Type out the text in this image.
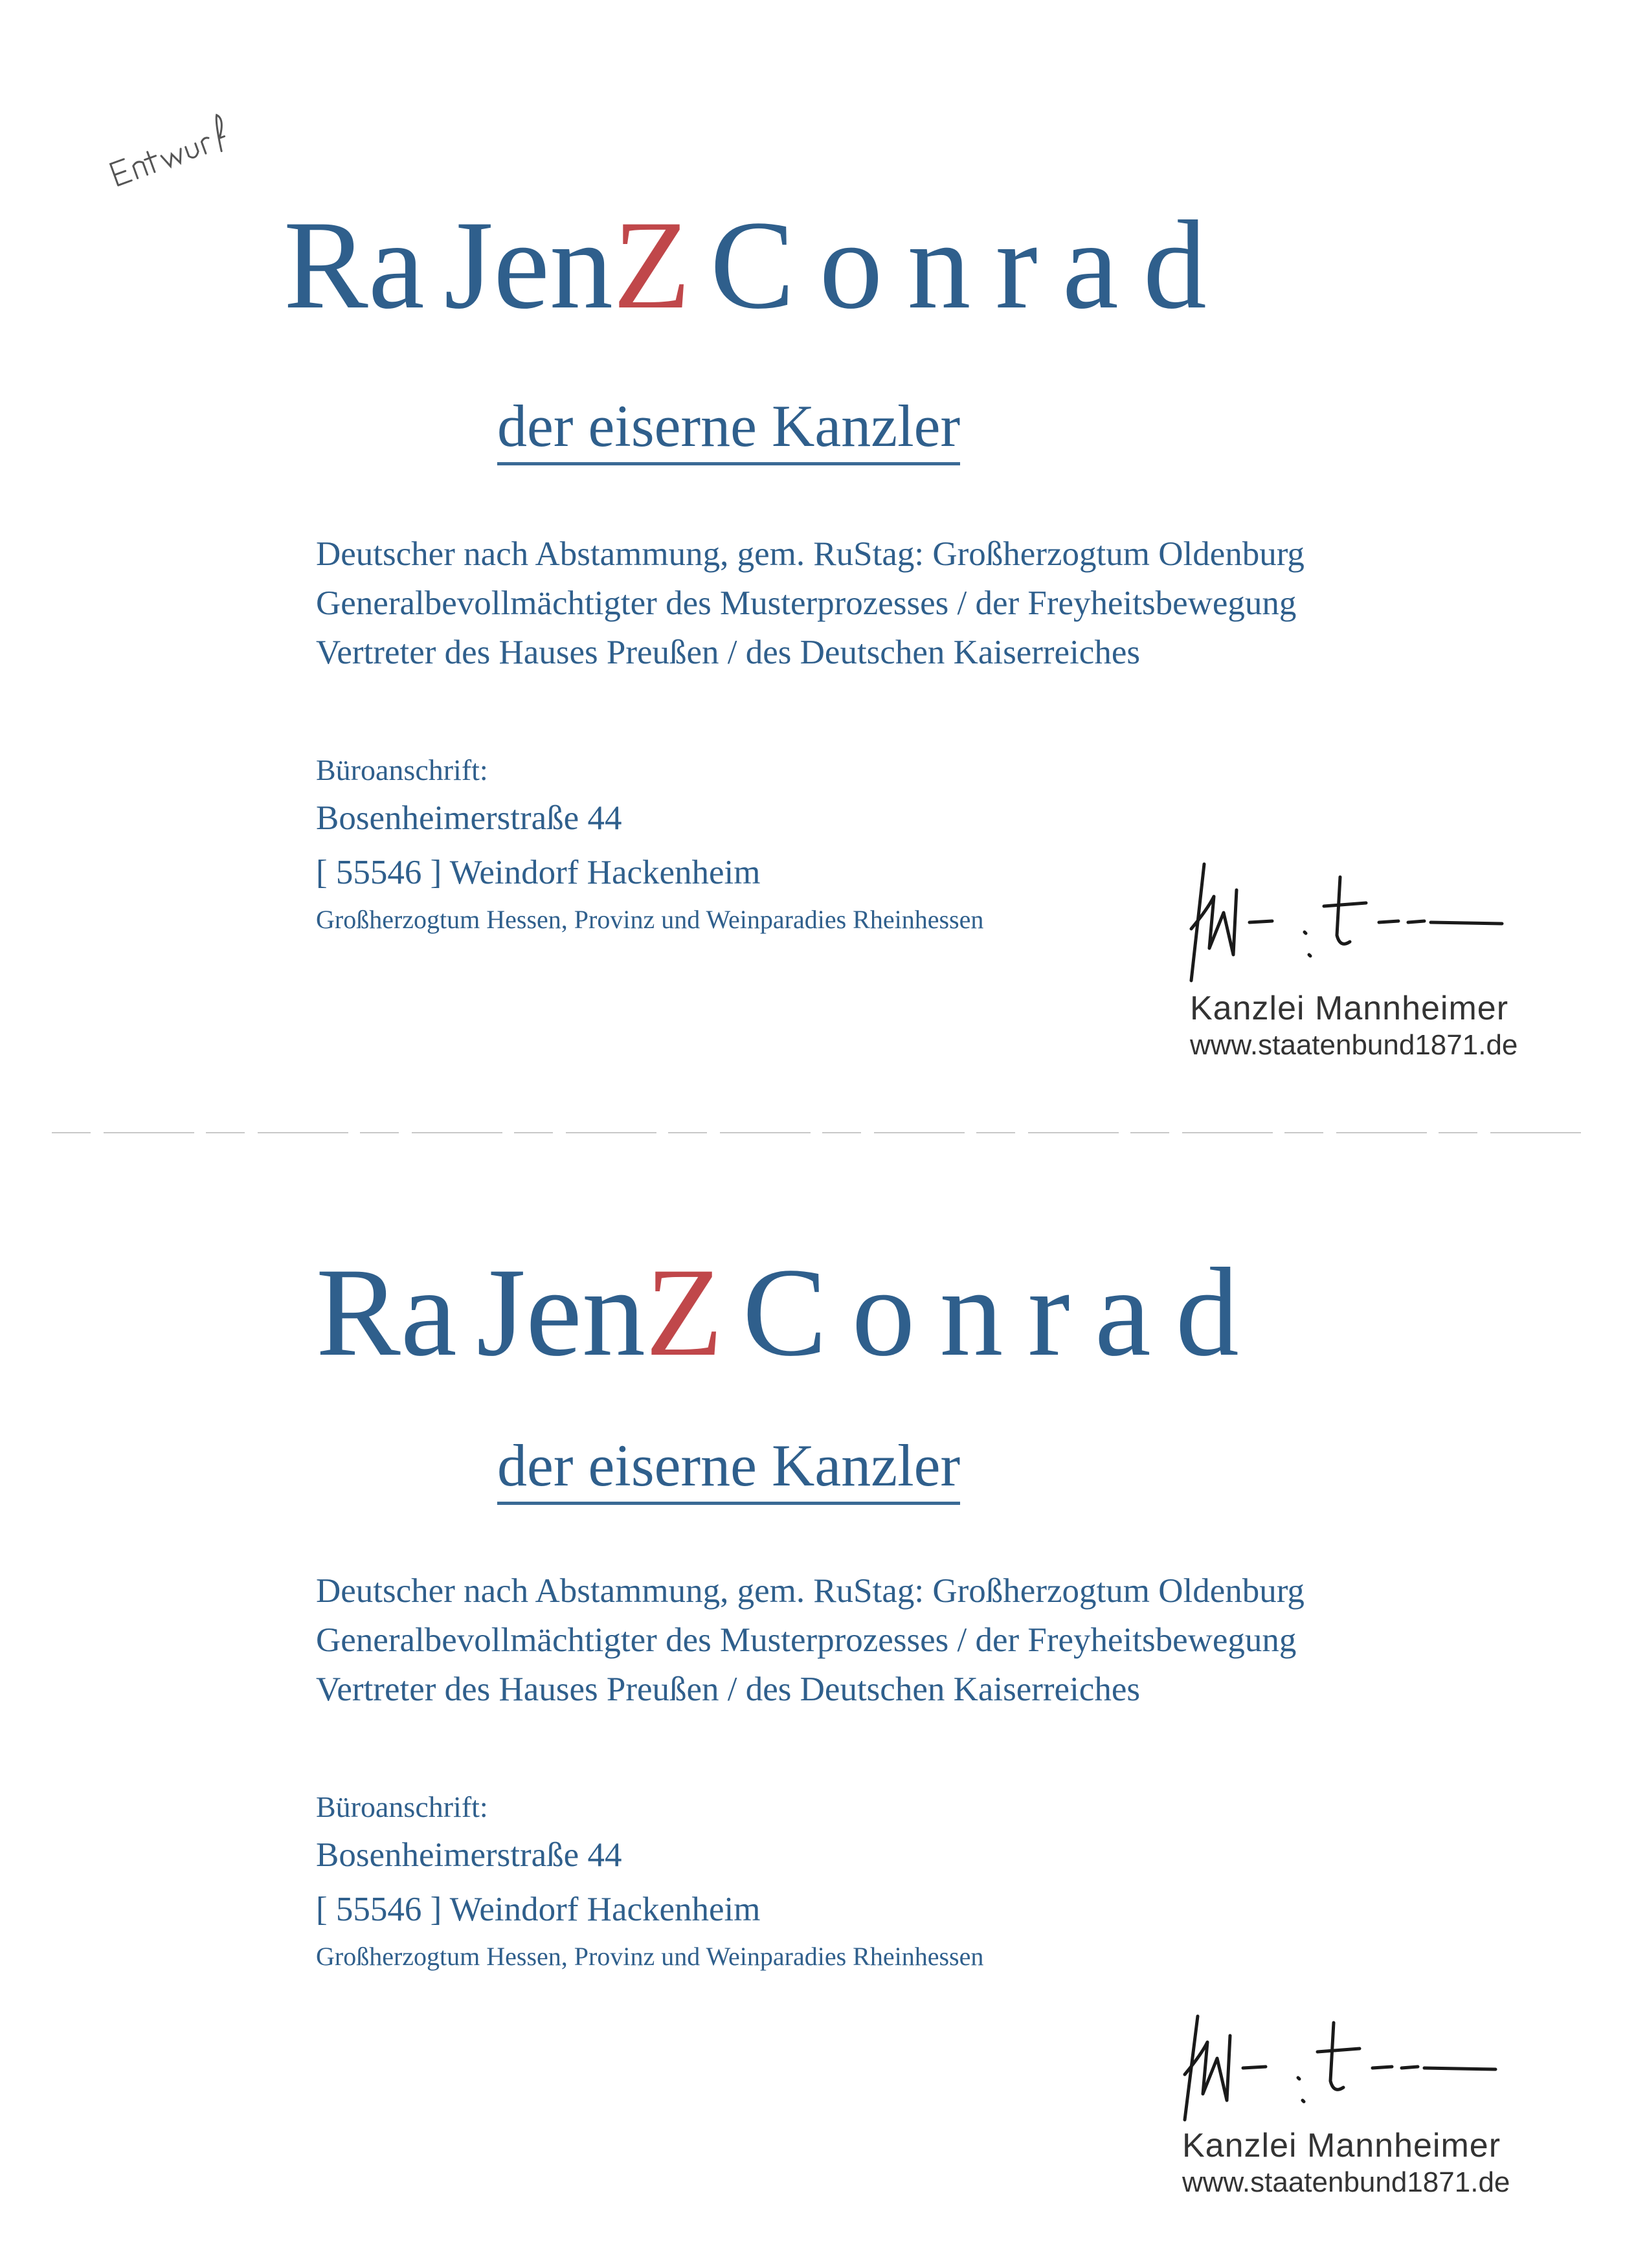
Ra JenZ Conrad
der eiserne Kanzler
Deutscher nach Abstammung, gem. RuStag: Großherzogtum Oldenburg
Generalbevollmächtigter des Musterprozesses / der Freyheitsbewegung
Vertreter des Hauses Preußen / des Deutschen Kaiserreiches
Büroanschrift:
Bosenheimerstraße 44
[ 55546 ] Weindorf Hackenheim
Großherzogtum Hessen, Provinz und Weinparadies Rheinhessen
Kanzlei Mannheimer
www.staatenbund1871.de
Ra JenZ Conrad
der eiserne Kanzler
Deutscher nach Abstammung, gem. RuStag: Großherzogtum Oldenburg
Generalbevollmächtigter des Musterprozesses / der Freyheitsbewegung
Vertreter des Hauses Preußen / des Deutschen Kaiserreiches
Büroanschrift:
Bosenheimerstraße 44
[ 55546 ] Weindorf Hackenheim
Großherzogtum Hessen, Provinz und Weinparadies Rheinhessen
Kanzlei Mannheimer
www.staatenbund1871.de
